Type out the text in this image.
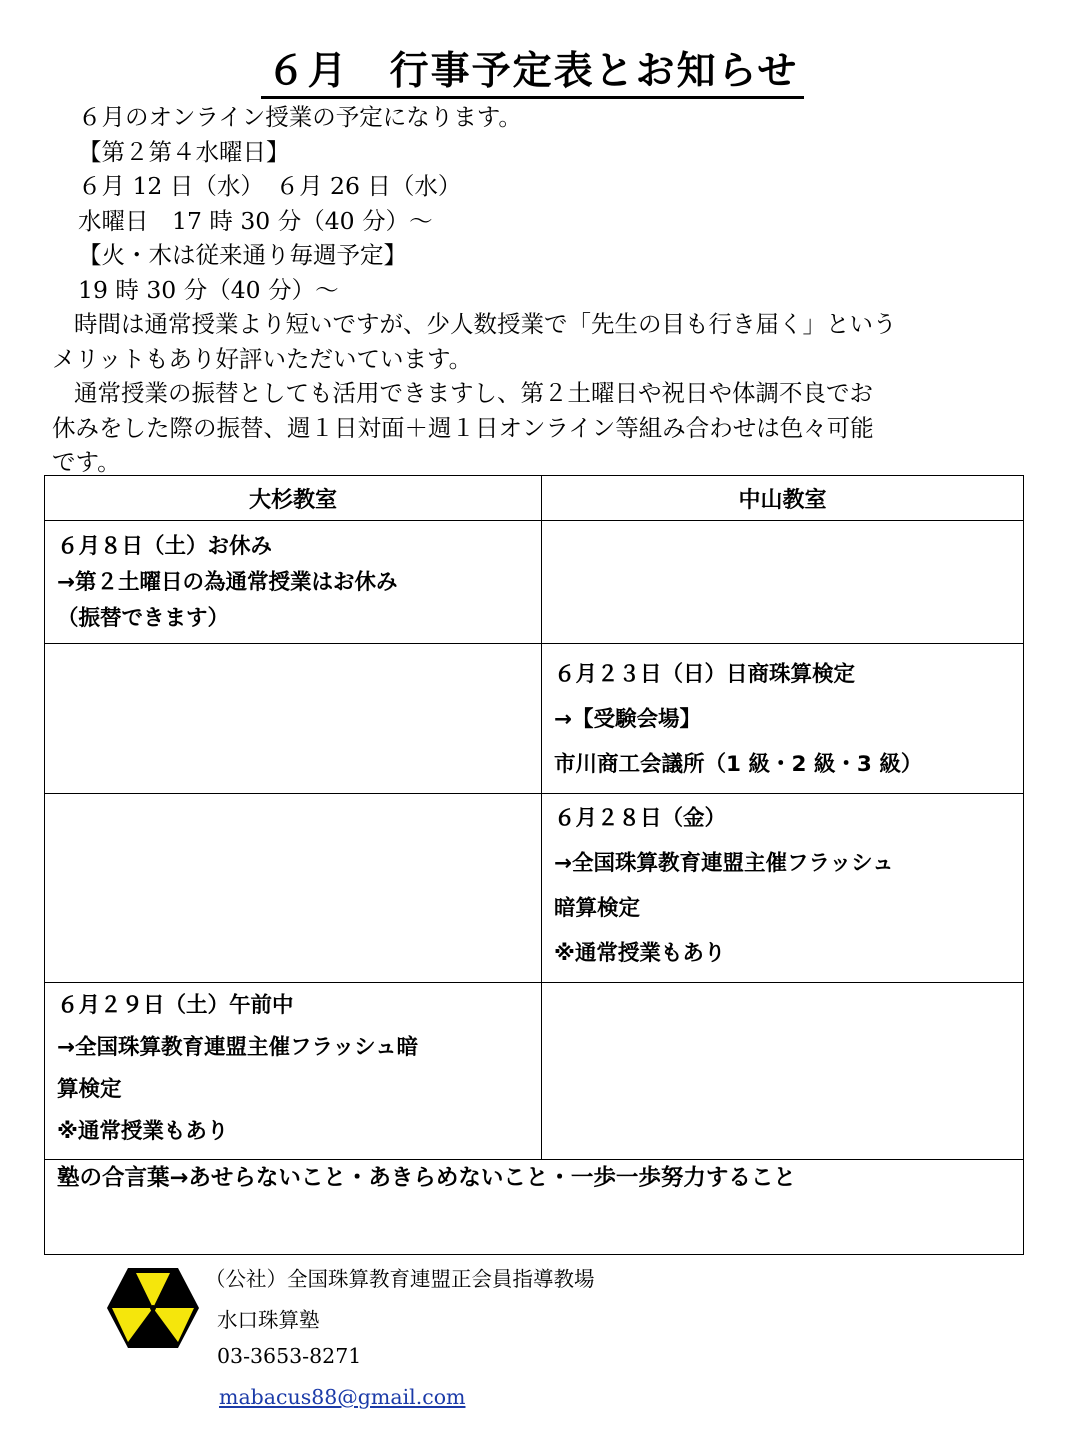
６月　行事予定表とお知らせ
６月のオンライン授業の予定になります。
【第２第４水曜日】
６月 12 日（水）　６月 26 日（水）
水曜日　17 時 30 分（40 分）～
【火・木は従来通り毎週予定】
19 時 30 分（40 分）～
時間は通常授業より短いですが、少人数授業で「先生の目も行き届く」という
メリットもあり好評いただいています。
通常授業の振替としても活用できますし、第２土曜日や祝日や体調不良でお
休みをした際の振替、週１日対面＋週１日オンライン等組み合わせは色々可能
です。
大杉教室	中山教室

６月８日（土）お休み
→第２土曜日の為通常授業はお休み
（振替できます）	

	６月２３日（日）日商珠算検定
→【受験会場】
市川商工会議所（1 級・2 級・3 級）

	６月２８日（金）
→全国珠算教育連盟主催フラッシュ
暗算検定
※通常授業もあり

６月２９日（土）午前中
→全国珠算教育連盟主催フラッシュ暗
算検定
※通常授業もあり	

塾の合言葉→あせらないこと・あきらめないこと・一歩一歩努力すること	
（公社）全国珠算教育連盟正会員指導教場
水口珠算塾
03-3653-8271
mabacus88@gmail.com
